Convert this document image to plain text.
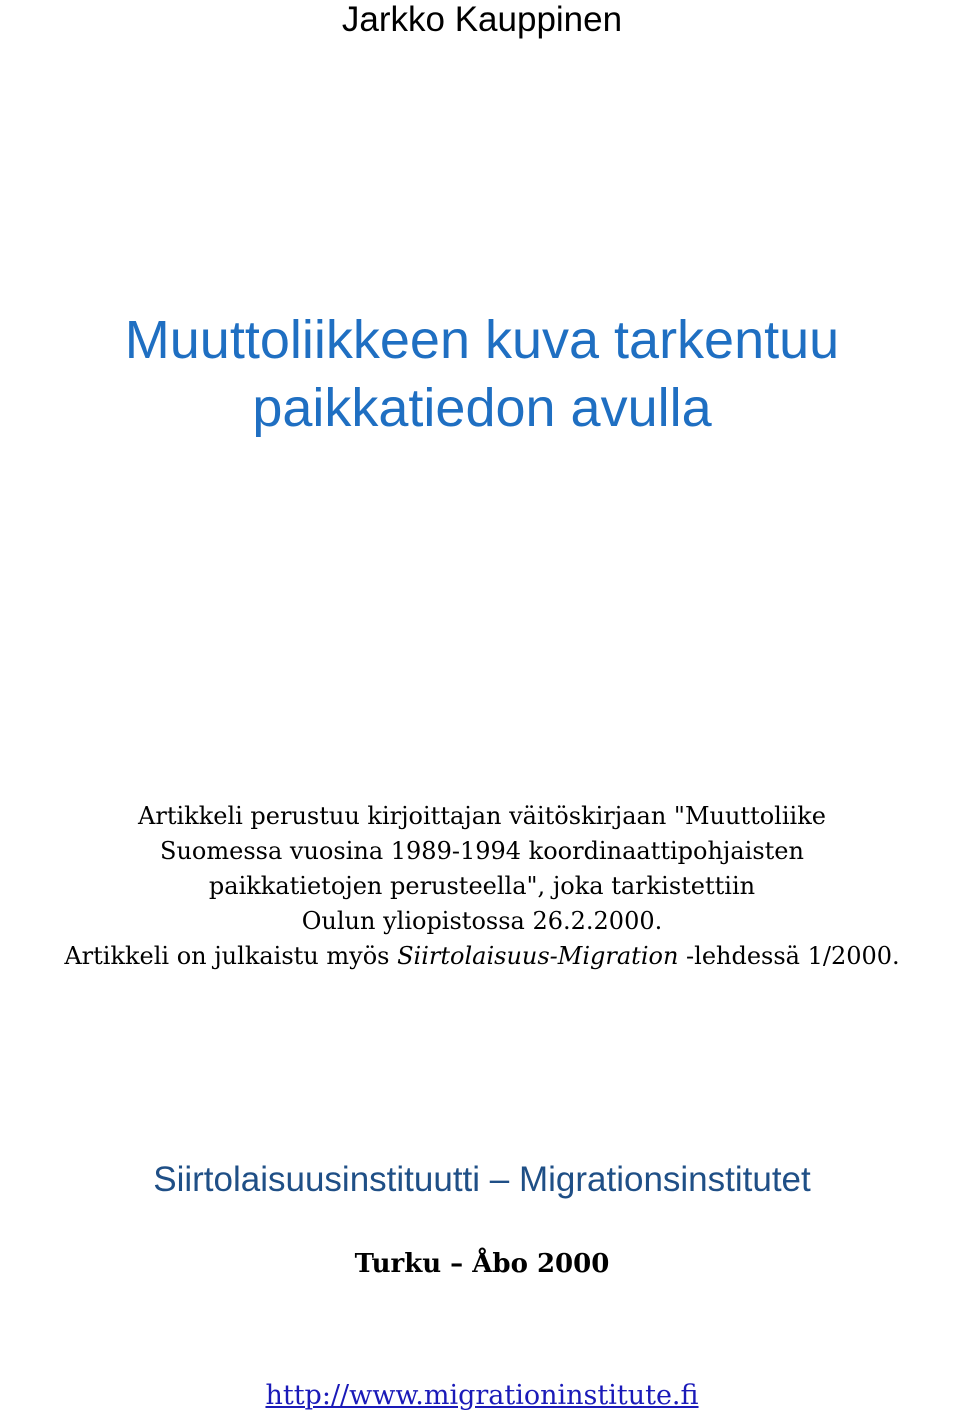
Jarkko Kauppinen
Muuttoliikkeen kuva tarkentuu
paikkatiedon avulla
Artikkeli perustuu kirjoittajan väitöskirjaan "Muuttoliike
Suomessa vuosina 1989-1994 koordinaattipohjaisten
paikkatietojen perusteella", joka tarkistettiin
Oulun yliopistossa 26.2.2000.
Artikkeli on julkaistu myös Siirtolaisuus-Migration -lehdessä 1/2000.
Siirtolaisuusinstituutti – Migrationsinstitutet
Turku – Åbo 2000
http://www.migrationinstitute.fi
